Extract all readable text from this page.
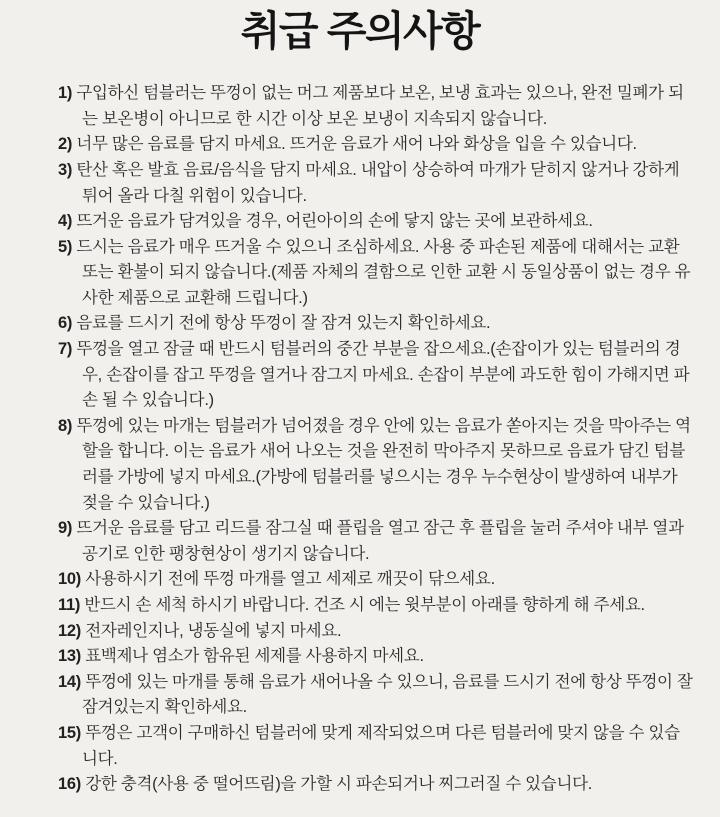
취급 주의사항
1) 구입하신 텀블러는 뚜껑이 없는 머그 제품보다 보온, 보냉 효과는 있으나, 완전 밀폐가 되는 보온병이 아니므로 한 시간 이상 보온 보냉이 지속되지 않습니다.
2) 너무 많은 음료를 담지 마세요. 뜨거운 음료가 새어 나와 화상을 입을 수 있습니다.
3) 탄산 혹은 발효 음료/음식을 담지 마세요. 내압이 상승하여 마개가 닫히지 않거나 강하게 튀어 올라 다칠 위험이 있습니다.
4) 뜨거운 음료가 담겨있을 경우, 어린아이의 손에 닿지 않는 곳에 보관하세요.
5) 드시는 음료가 매우 뜨거울 수 있으니 조심하세요. 사용 중 파손된 제품에 대해서는 교환 또는 환불이 되지 않습니다.(제품 자체의 결함으로 인한 교환 시 동일상품이 없는 경우 유사한 제품으로 교환해 드립니다.)
6) 음료를 드시기 전에 항상 뚜껑이 잘 잠겨 있는지 확인하세요.
7) 뚜껑을 열고 잠글 때 반드시 텀블러의 중간 부분을 잡으세요.(손잡이가 있는 텀블러의 경우, 손잡이를 잡고 뚜껑을 열거나 잠그지 마세요. 손잡이 부분에 과도한 힘이 가해지면 파손 될 수 있습니다.)
8) 뚜껑에 있는 마개는 텀블러가 넘어졌을 경우 안에 있는 음료가 쏟아지는 것을 막아주는 역할을 합니다. 이는 음료가 새어 나오는 것을 완전히 막아주지 못하므로 음료가 담긴 텀블러를 가방에 넣지 마세요.(가방에 텀블러를 넣으시는 경우 누수현상이 발생하여 내부가 젖을 수 있습니다.)
9) 뜨거운 음료를 담고 리드를 잠그실 때 플립을 열고 잠근 후 플립을 눌러 주셔야 내부 열과 공기로 인한 팽창현상이 생기지 않습니다.
10) 사용하시기 전에 뚜껑 마개를 열고 세제로 깨끗이 닦으세요.
11) 반드시 손 세척 하시기 바랍니다. 건조 시 에는 윗부분이 아래를 향하게 해 주세요.
12) 전자레인지나, 냉동실에 넣지 마세요.
13) 표백제나 염소가 함유된 세제를 사용하지 마세요.
14) 뚜껑에 있는 마개를 통해 음료가 새어나올 수 있으니, 음료를 드시기 전에 항상 뚜껑이 잘 잠겨있는지 확인하세요.
15) 뚜껑은 고객이 구매하신 텀블러에 맞게 제작되었으며 다른 텀블러에 맞지 않을 수 있습니다.
16) 강한 충격(사용 중 떨어뜨림)을 가할 시 파손되거나 찌그러질 수 있습니다.
